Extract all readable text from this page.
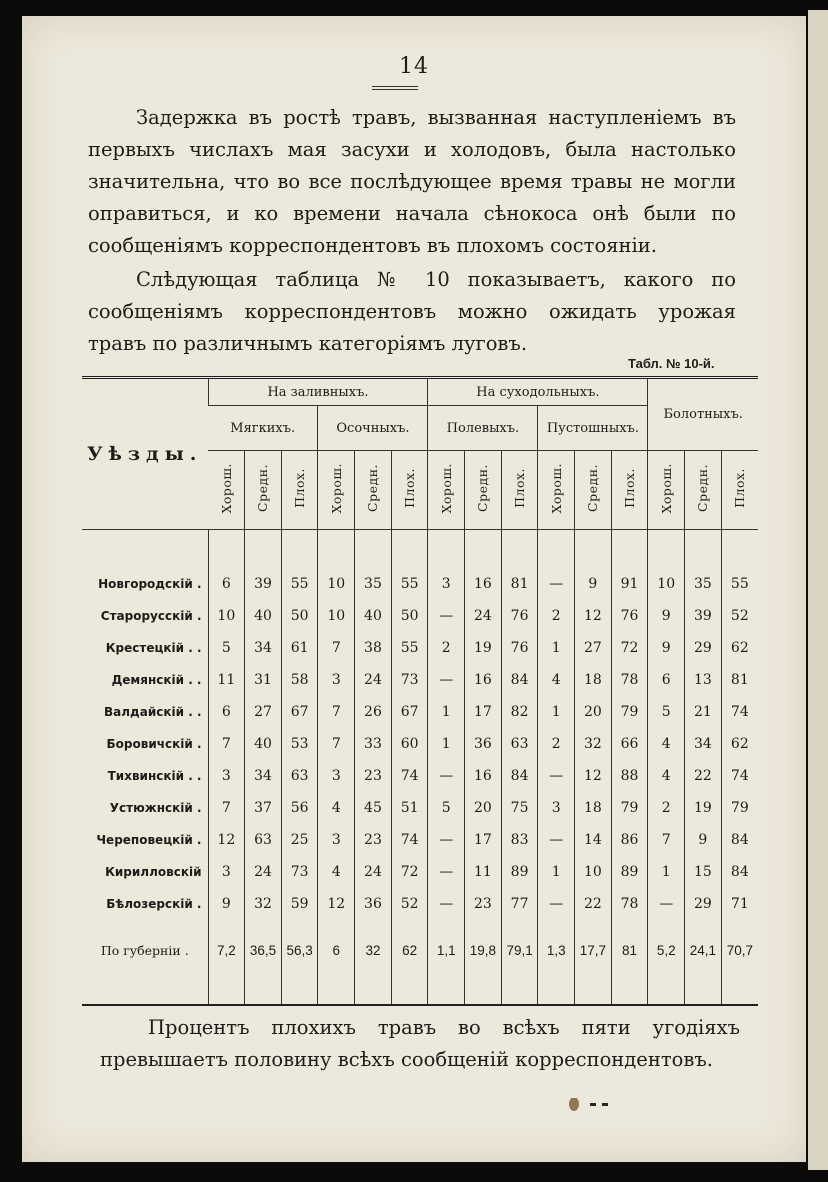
14

Задержка въ ростѣ травъ, вызванная наступленіемъ въ первыхъ числахъ мая засухи и холодовъ, была настолько значительна, что во все послѣдующее время травы не могли оправиться, и ко времени начала сѣнокоса онѣ были по сообщеніямъ корреспондентовъ въ плохомъ состояніи.

Слѣдующая таблица № 10 показываетъ, какого по сообщеніямъ корреспондентовъ можно ожидать урожая травъ по различнымъ категоріямъ луговъ.

Табл. № 10-й.
Уѣзды.	На заливныхъ.						На суходольныхъ.						Болотныхъ.		
	Мягкихъ.			Осочныхъ.			Полевыхъ.			Пустошныхъ.					
	Хорош.	Средн.	Плох.	Хорош.	Средн.	Плох.	Хорош.	Средн.	Плох.	Хорош.	Средн.	Плох.	Хорош.	Средн.	Плох.

Новгородскій .	6	39	55	10	35	55	3	16	81	—	9	91	10	35	55
Старорусскій .	10	40	50	10	40	50	—	24	76	2	12	76	9	39	52
Крестецкій . .	5	34	61	7	38	55	2	19	76	1	27	72	9	29	62
Демянскій . .	11	31	58	3	24	73	—	16	84	4	18	78	6	13	81
Валдайскій . .	6	27	67	7	26	67	1	17	82	1	20	79	5	21	74
Боровичскій .	7	40	53	7	33	60	1	36	63	2	32	66	4	34	62
Тихвинскій . .	3	34	63	3	23	74	—	16	84	—	12	88	4	22	74
Устюжнскій .	7	37	56	4	45	51	5	20	75	3	18	79	2	19	79
Череповецкій .	12	63	25	3	23	74	—	17	83	—	14	86	7	9	84
Кирилловскій	3	24	73	4	24	72	—	11	89	1	10	89	1	15	84
Бѣлозерскій .	9	32	59	12	36	52	—	23	77	—	22	78	—	29	71
По губерніи .	7,2	36,5	56,3	6	32	62	1,1	19,8	79,1	1,3	17,7	81	5,2	24,1	70,7

Процентъ плохихъ травъ во всѣхъ пяти угодіяхъ превышаетъ половину всѣхъ сообщеній корреспондентовъ.
